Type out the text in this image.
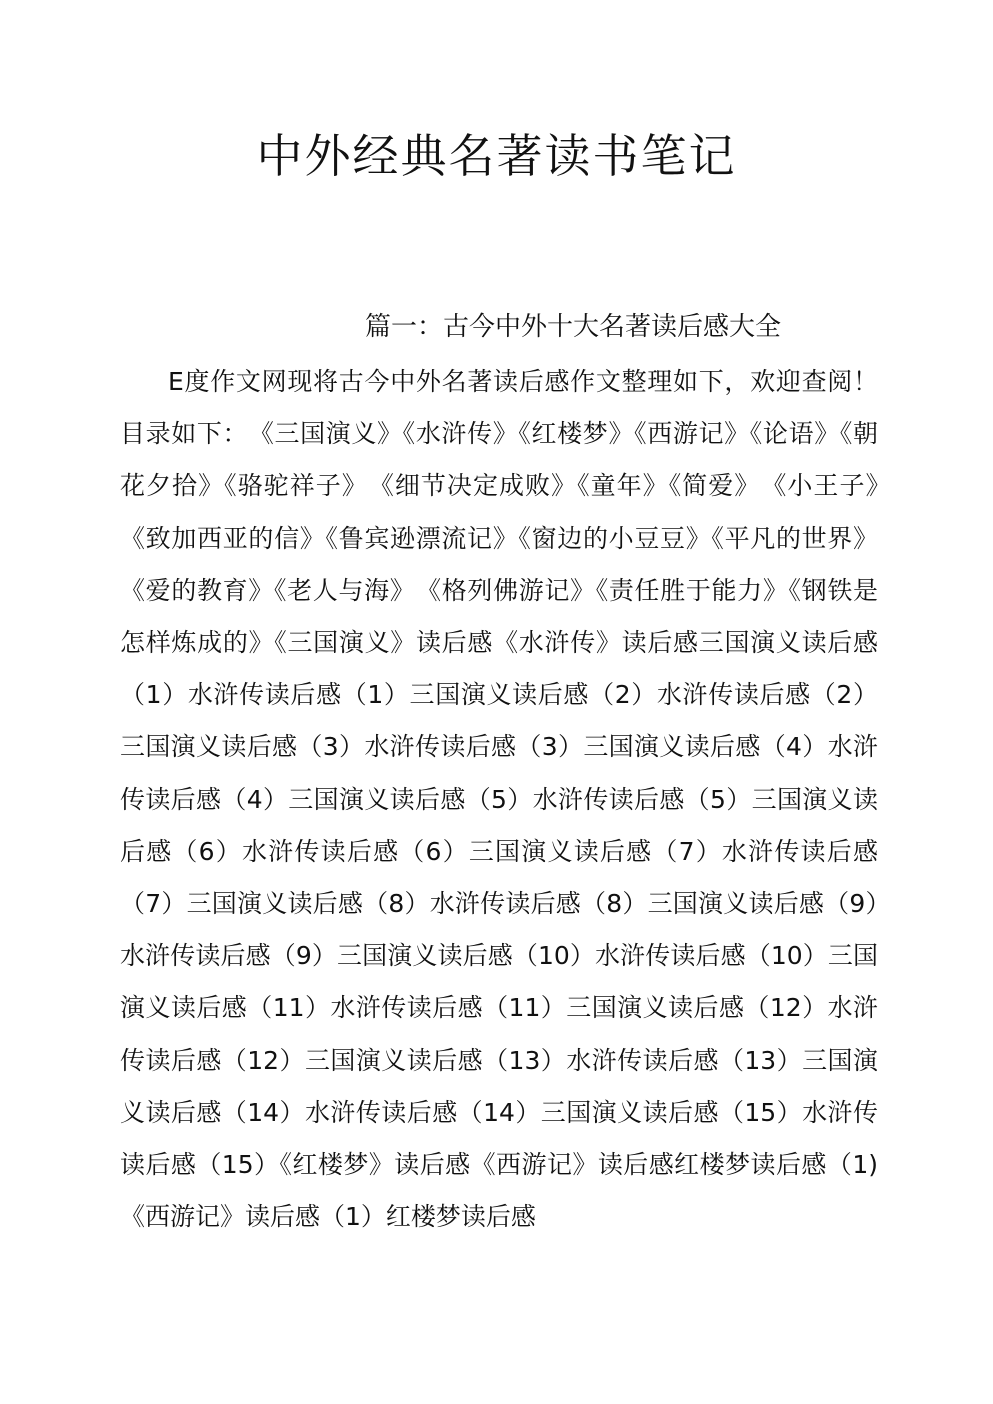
中外经典名著读书笔记
篇一：古今中外十大名著读后感大全

E度作文网现将古今中外名著读后感作文整理如下，欢迎查阅！　　目录如下：　《三国演义》《水浒传》《红楼梦》《西游记》《论语》《朝花夕拾》《骆驼祥子》　《细节决定成败》《童年》《简爱》　《小王子》　《致加西亚的信》《鲁宾逊漂流记》《窗边的小豆豆》《平凡的世界》《爱的教育》《老人与海》　《格列佛游记》《责任胜于能力》《钢铁是怎样炼成的》《三国演义》读后感《水浒传》读后感三国演义读后感（1）水浒传读后感（1）三国演义读后感（2）水浒传读后感（2）三国演义读后感（3）水浒传读后感（3）三国演义读后感（4）水浒传读后感（4）三国演义读后感（5）水浒传读后感（5）三国演义读后感（6）水浒传读后感（6）三国演义读后感（7）水浒传读后感（7）三国演义读后感（8）水浒传读后感（8）三国演义读后感（9）水浒传读后感（9）三国演义读后感（10）水浒传读后感（10）三国演义读后感（11）水浒传读后感（11）三国演义读后感（12）水浒传读后感（12）三国演义读后感（13）水浒传读后感（13）三国演义读后感（14）水浒传读后感（14）三国演义读后感（15）水浒传读后感（15）《红楼梦》读后感《西游记》读后感红楼梦读后感（1)《西游记》读后感（1）红楼梦读后感
